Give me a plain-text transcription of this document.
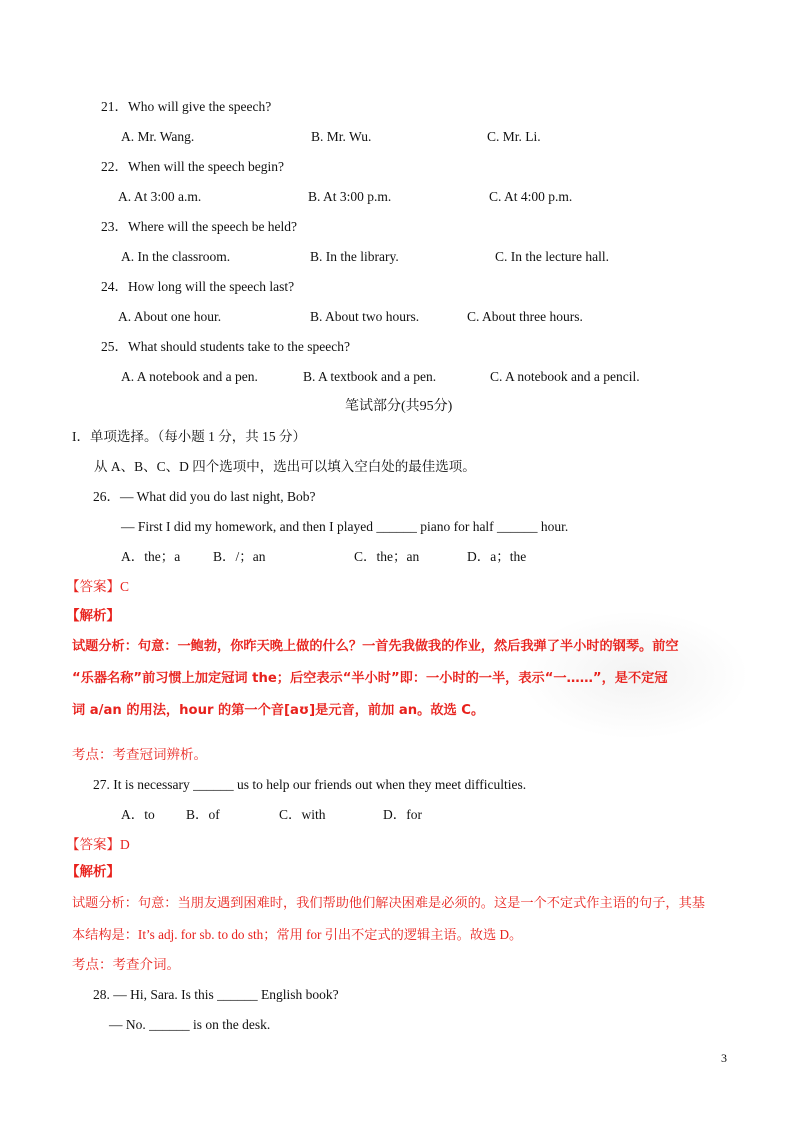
21．Who will give the speech?
A. Mr. Wang.	B. Mr. Wu.	C. Mr. Li.
22．When will the speech begin?
A. At 3:00 a.m.	B. At 3:00 p.m.	C. At 4:00 p.m.
23．Where will the speech be held?
A. In the classroom.	B. In the library.	C. In the lecture hall.
24．How long will the speech last?
A. About one hour.	B. About two hours.	C. About three hours.
25．What should students take to the speech?
A. A notebook and a pen.	B. A textbook and a pen.	C. A notebook and a pencil.
笔试部分(共95分)
I．单项选择。（每小题 1 分，共 15 分）
从 A、B、C、D 四个选项中，选出可以填入空白处的最佳选项。
26．— What did you do last night, Bob?
— First I did my homework, and then I played ______ piano for half ______ hour.
A．the；a B．/；an	C．the；an	D．a；the
【答案】C
【解析】
试题分析：句意：一鲍勃，你昨天晚上做的什么？一首先我做我的作业，然后我弹了半小时的钢琴。前空
“乐器名称”前习惯上加定冠词 the；后空表示“半小时”即：一小时的一半，表示“一……”，是不定冠
词 a/an 的用法，hour 的第一个音[aʊ]是元音，前加 an。故选 C。
考点：考查冠词辨析。
27. It is necessary ______ us to help our friends out when they meet difficulties.
A．to B．of	C．with	D．for
【答案】D
【解析】
试题分析：句意：当朋友遇到困难时，我们帮助他们解决困难是必须的。这是一个不定式作主语的句子，其基
本结构是：It’s adj. for sb. to do sth；常用 for 引出不定式的逻辑主语。故选 D。
考点：考查介词。
28. — Hi, Sara. Is this ______ English book?
— No. ______ is on the desk.
3
